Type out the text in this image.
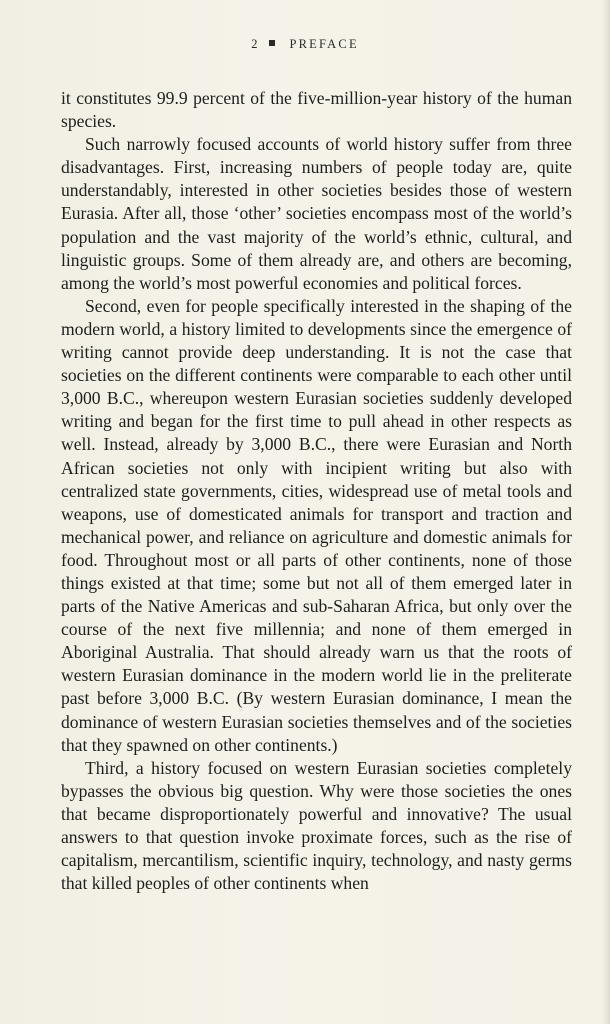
2	PREFACE

it constitutes 99.9 percent of the five-million-year history of the human species.

Such narrowly focused accounts of world history suffer from three disadvantages. First, increasing numbers of people today are, quite understandably, interested in other societies besides those of western Eurasia. After all, those ‘other’ societies encompass most of the world’s population and the vast majority of the world’s ethnic, cultural, and linguistic groups. Some of them already are, and others are becoming, among the world’s most powerful economies and political forces.

Second, even for people specifically interested in the shaping of the modern world, a history limited to developments since the emergence of writing cannot provide deep understanding. It is not the case that societies on the different continents were comparable to each other until 3,000 B.C., whereupon western Eurasian societies suddenly developed writing and began for the first time to pull ahead in other respects as well. Instead, already by 3,000 B.C., there were Eurasian and North African societies not only with incipient writing but also with centralized state governments, cities, widespread use of metal tools and weapons, use of domesticated animals for transport and traction and mechanical power, and reliance on agriculture and domestic animals for food. Throughout most or all parts of other continents, none of those things existed at that time; some but not all of them emerged later in parts of the Native Americas and sub-Saharan Africa, but only over the course of the next five millennia; and none of them emerged in Aboriginal Australia. That should already warn us that the roots of western Eurasian dominance in the modern world lie in the preliterate past before 3,000 B.C. (By western Eurasian dominance, I mean the dominance of western Eurasian societies themselves and of the societies that they spawned on other continents.)

Third, a history focused on western Eurasian societies completely bypasses the obvious big question. Why were those societies the ones that became disproportionately powerful and innovative? The usual answers to that question invoke proximate forces, such as the rise of capitalism, mercantilism, scientific inquiry, technology, and nasty germs that killed peoples of other continents when
